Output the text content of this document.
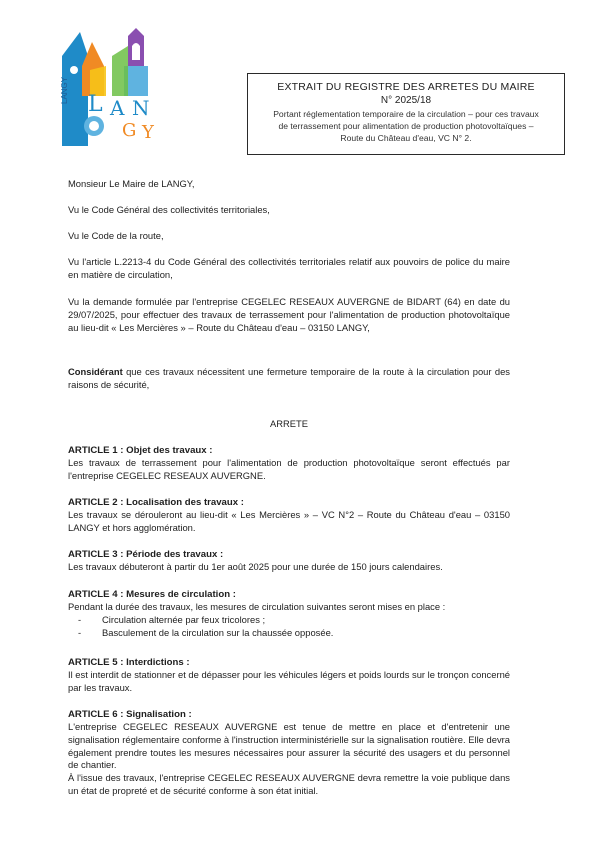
LANGY
L A N
G Y
EXTRAIT DU REGISTRE DES ARRETES DU MAIRE
N° 2025/18
Portant réglementation temporaire de la circulation – pour ces travaux
de terrassement pour alimentation de production photovoltaïques –
Route du Château d'eau, VC N° 2.

Monsieur Le Maire de LANGY,

Vu le Code Général des collectivités territoriales,

Vu le Code de la route,

Vu l'article L.2213-4 du Code Général des collectivités territoriales relatif aux pouvoirs de police du maire en matière de circulation,

Vu la demande formulée par l'entreprise CEGELEC RESEAUX AUVERGNE de BIDART (64) en date du 29/07/2025, pour effectuer des travaux de terrassement pour l'alimentation de production photovoltaïque au lieu-dit « Les Mercières » – Route du Château d'eau – 03150 LANGY,

Considérant que ces travaux nécessitent une fermeture temporaire de la route à la circulation pour des raisons de sécurité,

ARRETE

ARTICLE 1 : Objet des travaux :

Les travaux de terrassement pour l'alimentation de production photovoltaïque seront effectués par l'entreprise CEGELEC RESEAUX AUVERGNE.

ARTICLE 2 : Localisation des travaux :

Les travaux se dérouleront au lieu-dit « Les Mercières » – VC N°2 – Route du Château d'eau – 03150 LANGY et hors agglomération.

ARTICLE 3 : Période des travaux :

Les travaux débuteront à partir du 1er août 2025 pour une durée de 150 jours calendaires.

ARTICLE 4 : Mesures de circulation :

Pendant la durée des travaux, les mesures de circulation suivantes seront mises en place :

- Circulation alternée par feux tricolores ;
- Basculement de la circulation sur la chaussée opposée.
ARTICLE 5 : Interdictions :

Il est interdit de stationner et de dépasser pour les véhicules légers et poids lourds sur le tronçon concerné par les travaux.

ARTICLE 6 : Signalisation :

L'entreprise CEGELEC RESEAUX AUVERGNE est tenue de mettre en place et d'entretenir une signalisation réglementaire conforme à l'instruction interministérielle sur la signalisation routière. Elle devra également prendre toutes les mesures nécessaires pour assurer la sécurité des usagers et du personnel de chantier.

À l'issue des travaux, l'entreprise CEGELEC RESEAUX AUVERGNE devra remettre la voie publique dans un état de propreté et de sécurité conforme à son état initial.
